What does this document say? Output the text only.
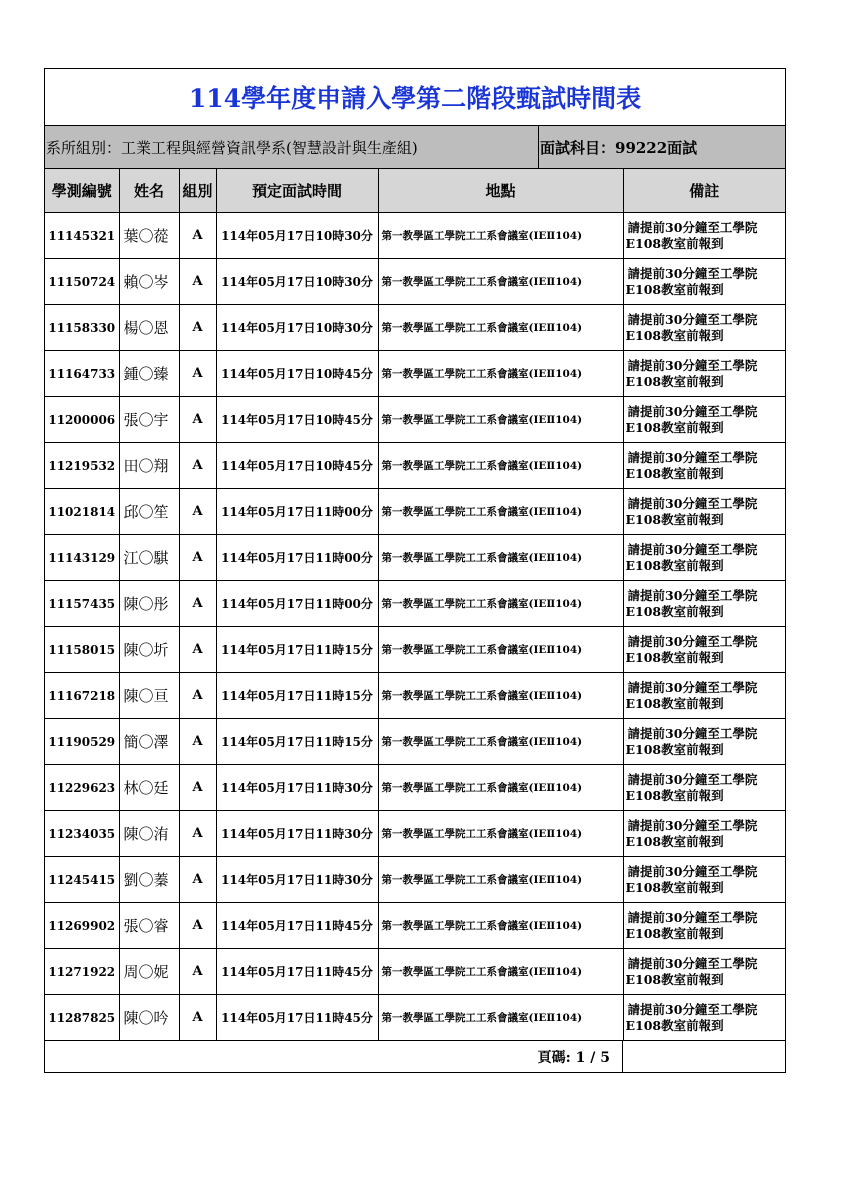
114學年度申請入學第二階段甄試時間表
系所組別：工業工程與經營資訊學系(智慧設計與生產組)	面試科目：99222面試
學測編號	姓名	組別	預定面試時間	地點	備註
11145321	葉〇蓯	A	114年05月17日10時30分	第一教學區工學院工工系會議室(IEⅡ104)	請提前30分鐘至工學院
E108教室前報到

11150724	賴〇岑	A	114年05月17日10時30分	第一教學區工學院工工系會議室(IEⅡ104)	請提前30分鐘至工學院
E108教室前報到

11158330	楊〇恩	A	114年05月17日10時30分	第一教學區工學院工工系會議室(IEⅡ104)	請提前30分鐘至工學院
E108教室前報到

11164733	鍾〇臻	A	114年05月17日10時45分	第一教學區工學院工工系會議室(IEⅡ104)	請提前30分鐘至工學院
E108教室前報到

11200006	張〇宇	A	114年05月17日10時45分	第一教學區工學院工工系會議室(IEⅡ104)	請提前30分鐘至工學院
E108教室前報到

11219532	田〇翔	A	114年05月17日10時45分	第一教學區工學院工工系會議室(IEⅡ104)	請提前30分鐘至工學院
E108教室前報到

11021814	邱〇笙	A	114年05月17日11時00分	第一教學區工學院工工系會議室(IEⅡ104)	請提前30分鐘至工學院
E108教室前報到

11143129	江〇騏	A	114年05月17日11時00分	第一教學區工學院工工系會議室(IEⅡ104)	請提前30分鐘至工學院
E108教室前報到

11157435	陳〇彤	A	114年05月17日11時00分	第一教學區工學院工工系會議室(IEⅡ104)	請提前30分鐘至工學院
E108教室前報到

11158015	陳〇圻	A	114年05月17日11時15分	第一教學區工學院工工系會議室(IEⅡ104)	請提前30分鐘至工學院
E108教室前報到

11167218	陳〇亘	A	114年05月17日11時15分	第一教學區工學院工工系會議室(IEⅡ104)	請提前30分鐘至工學院
E108教室前報到

11190529	簡〇澤	A	114年05月17日11時15分	第一教學區工學院工工系會議室(IEⅡ104)	請提前30分鐘至工學院
E108教室前報到

11229623	林〇廷	A	114年05月17日11時30分	第一教學區工學院工工系會議室(IEⅡ104)	請提前30分鐘至工學院
E108教室前報到

11234035	陳〇洧	A	114年05月17日11時30分	第一教學區工學院工工系會議室(IEⅡ104)	請提前30分鐘至工學院
E108教室前報到

11245415	劉〇蓁	A	114年05月17日11時30分	第一教學區工學院工工系會議室(IEⅡ104)	請提前30分鐘至工學院
E108教室前報到

11269902	張〇睿	A	114年05月17日11時45分	第一教學區工學院工工系會議室(IEⅡ104)	請提前30分鐘至工學院
E108教室前報到

11271922	周〇妮	A	114年05月17日11時45分	第一教學區工學院工工系會議室(IEⅡ104)	請提前30分鐘至工學院
E108教室前報到

11287825	陳〇吟	A	114年05月17日11時45分	第一教學區工學院工工系會議室(IEⅡ104)	請提前30分鐘至工學院
E108教室前報到
頁碼: 1 / 5
